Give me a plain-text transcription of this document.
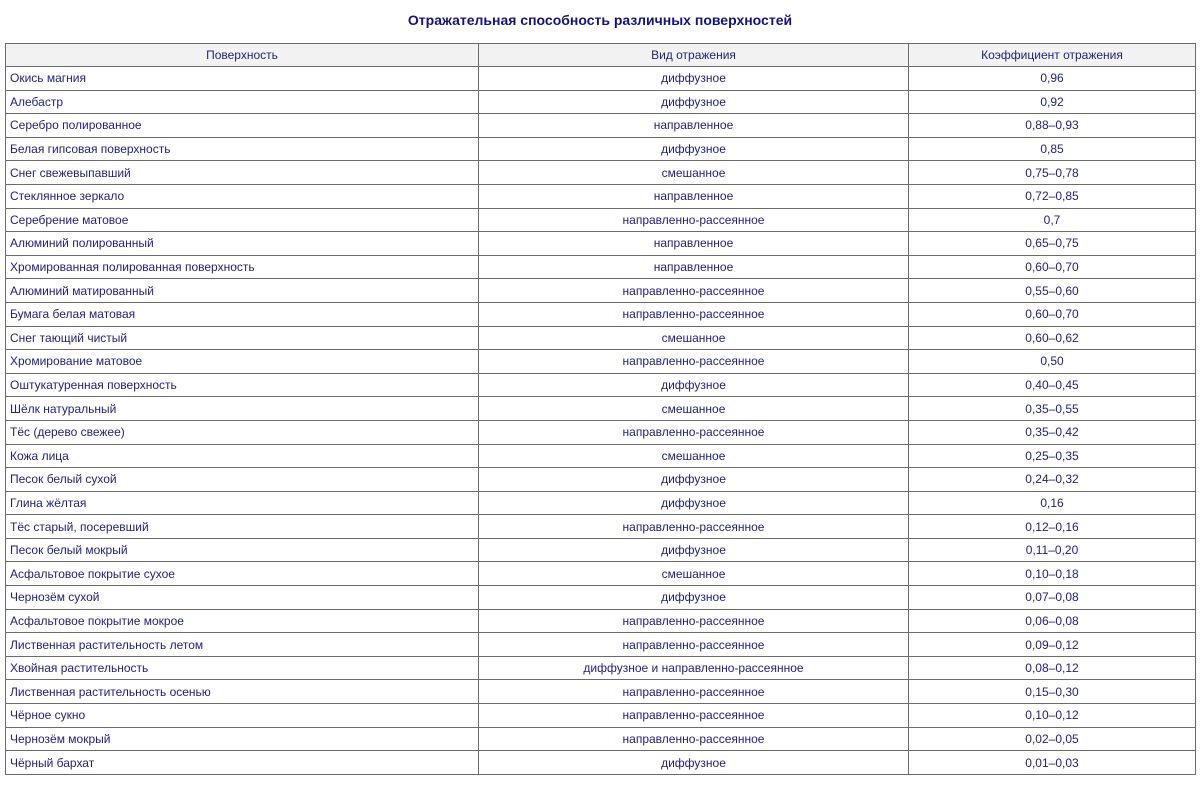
Отражательная способность различных поверхностей
Поверхность	Вид отражения	Коэффициент отражения
Окись магния	диффузное	0,96
Алебастр	диффузное	0,92
Серебро полированное	направленное	0,88–0,93
Белая гипсовая поверхность	диффузное	0,85
Снег свежевыпавший	смешанное	0,75–0,78
Стеклянное зеркало	направленное	0,72–0,85
Серебрение матовое	направленно-рассеянное	0,7
Алюминий полированный	направленное	0,65–0,75
Хромированная полированная поверхность	направленное	0,60–0,70
Алюминий матированный	направленно-рассеянное	0,55–0,60
Бумага белая матовая	направленно-рассеянное	0,60–0,70
Снег тающий чистый	смешанное	0,60–0,62
Хромирование матовое	направленно-рассеянное	0,50
Оштукатуренная поверхность	диффузное	0,40–0,45
Шёлк натуральный	смешанное	0,35–0,55
Тёс (дерево свежее)	направленно-рассеянное	0,35–0,42
Кожа лица	смешанное	0,25–0,35
Песок белый сухой	диффузное	0,24–0,32
Глина жёлтая	диффузное	0,16
Тёс старый, посеревший	направленно-рассеянное	0,12–0,16
Песок белый мокрый	диффузное	0,11–0,20
Асфальтовое покрытие сухое	смешанное	0,10–0,18
Чернозём сухой	диффузное	0,07–0,08
Асфальтовое покрытие мокрое	направленно-рассеянное	0,06–0,08
Лиственная растительность летом	направленно-рассеянное	0,09–0,12
Хвойная растительность	диффузное и направленно-рассеянное	0,08–0,12
Лиственная растительность осенью	направленно-рассеянное	0,15–0,30
Чёрное сукно	направленно-рассеянное	0,10–0,12
Чернозём мокрый	направленно-рассеянное	0,02–0,05
Чёрный бархат	диффузное	0,01–0,03
